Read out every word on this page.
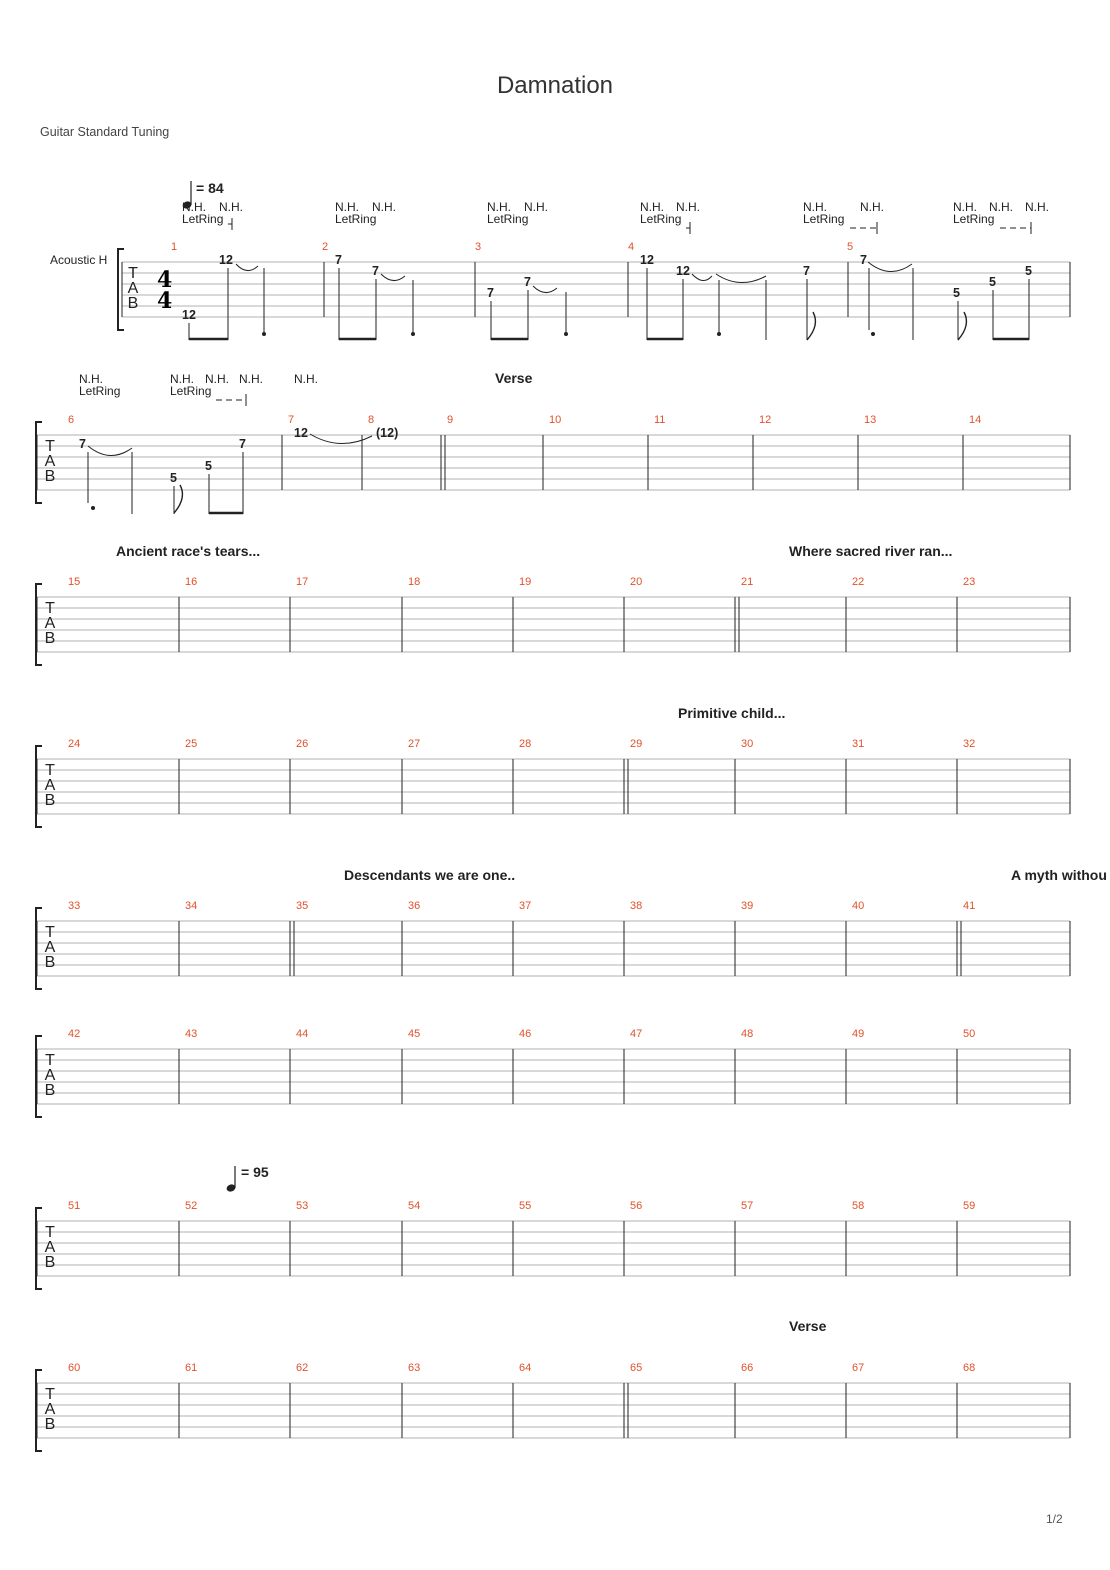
Damnation
Guitar Standard Tuning
1/2
T
A
B
1	2	3	4	5
T
A
B
6	7	8	9
Verse
10	11	12	13	14
T
A
B
15
Ancient race's tears...
16	17	18	19	20	21
Where sacred river ran...
22	23
T
A
B
24	25	26	27	28	29
Primitive child...
30	31	32
T
A
B
33	34	35
Descendants we are one..
36	37	38	39	40	41
A myth withou
T
A
B
42	43	44	45	46	47	48	49	50
T
A
B
51	52	53	54	55	56	57	58	59
T
A
B
60	61	62	63	64	65	66
Verse
67	68
Acoustic H
= 84
= 95
4
4
N.H. N.H.
LetRing
N.H. N.H.
LetRing
N.H. N.H.
LetRing
N.H. N.H.
LetRing
N.H.	N.H.
LetRing
N.H. N.H. N.H.
LetRing
N.H.
LetRing
N.H. N.H. N.H.	N.H.
LetRing
12
12	7
7
7
7
12
12	7
7
5
5
5
7
5
5
7
12	(12)
